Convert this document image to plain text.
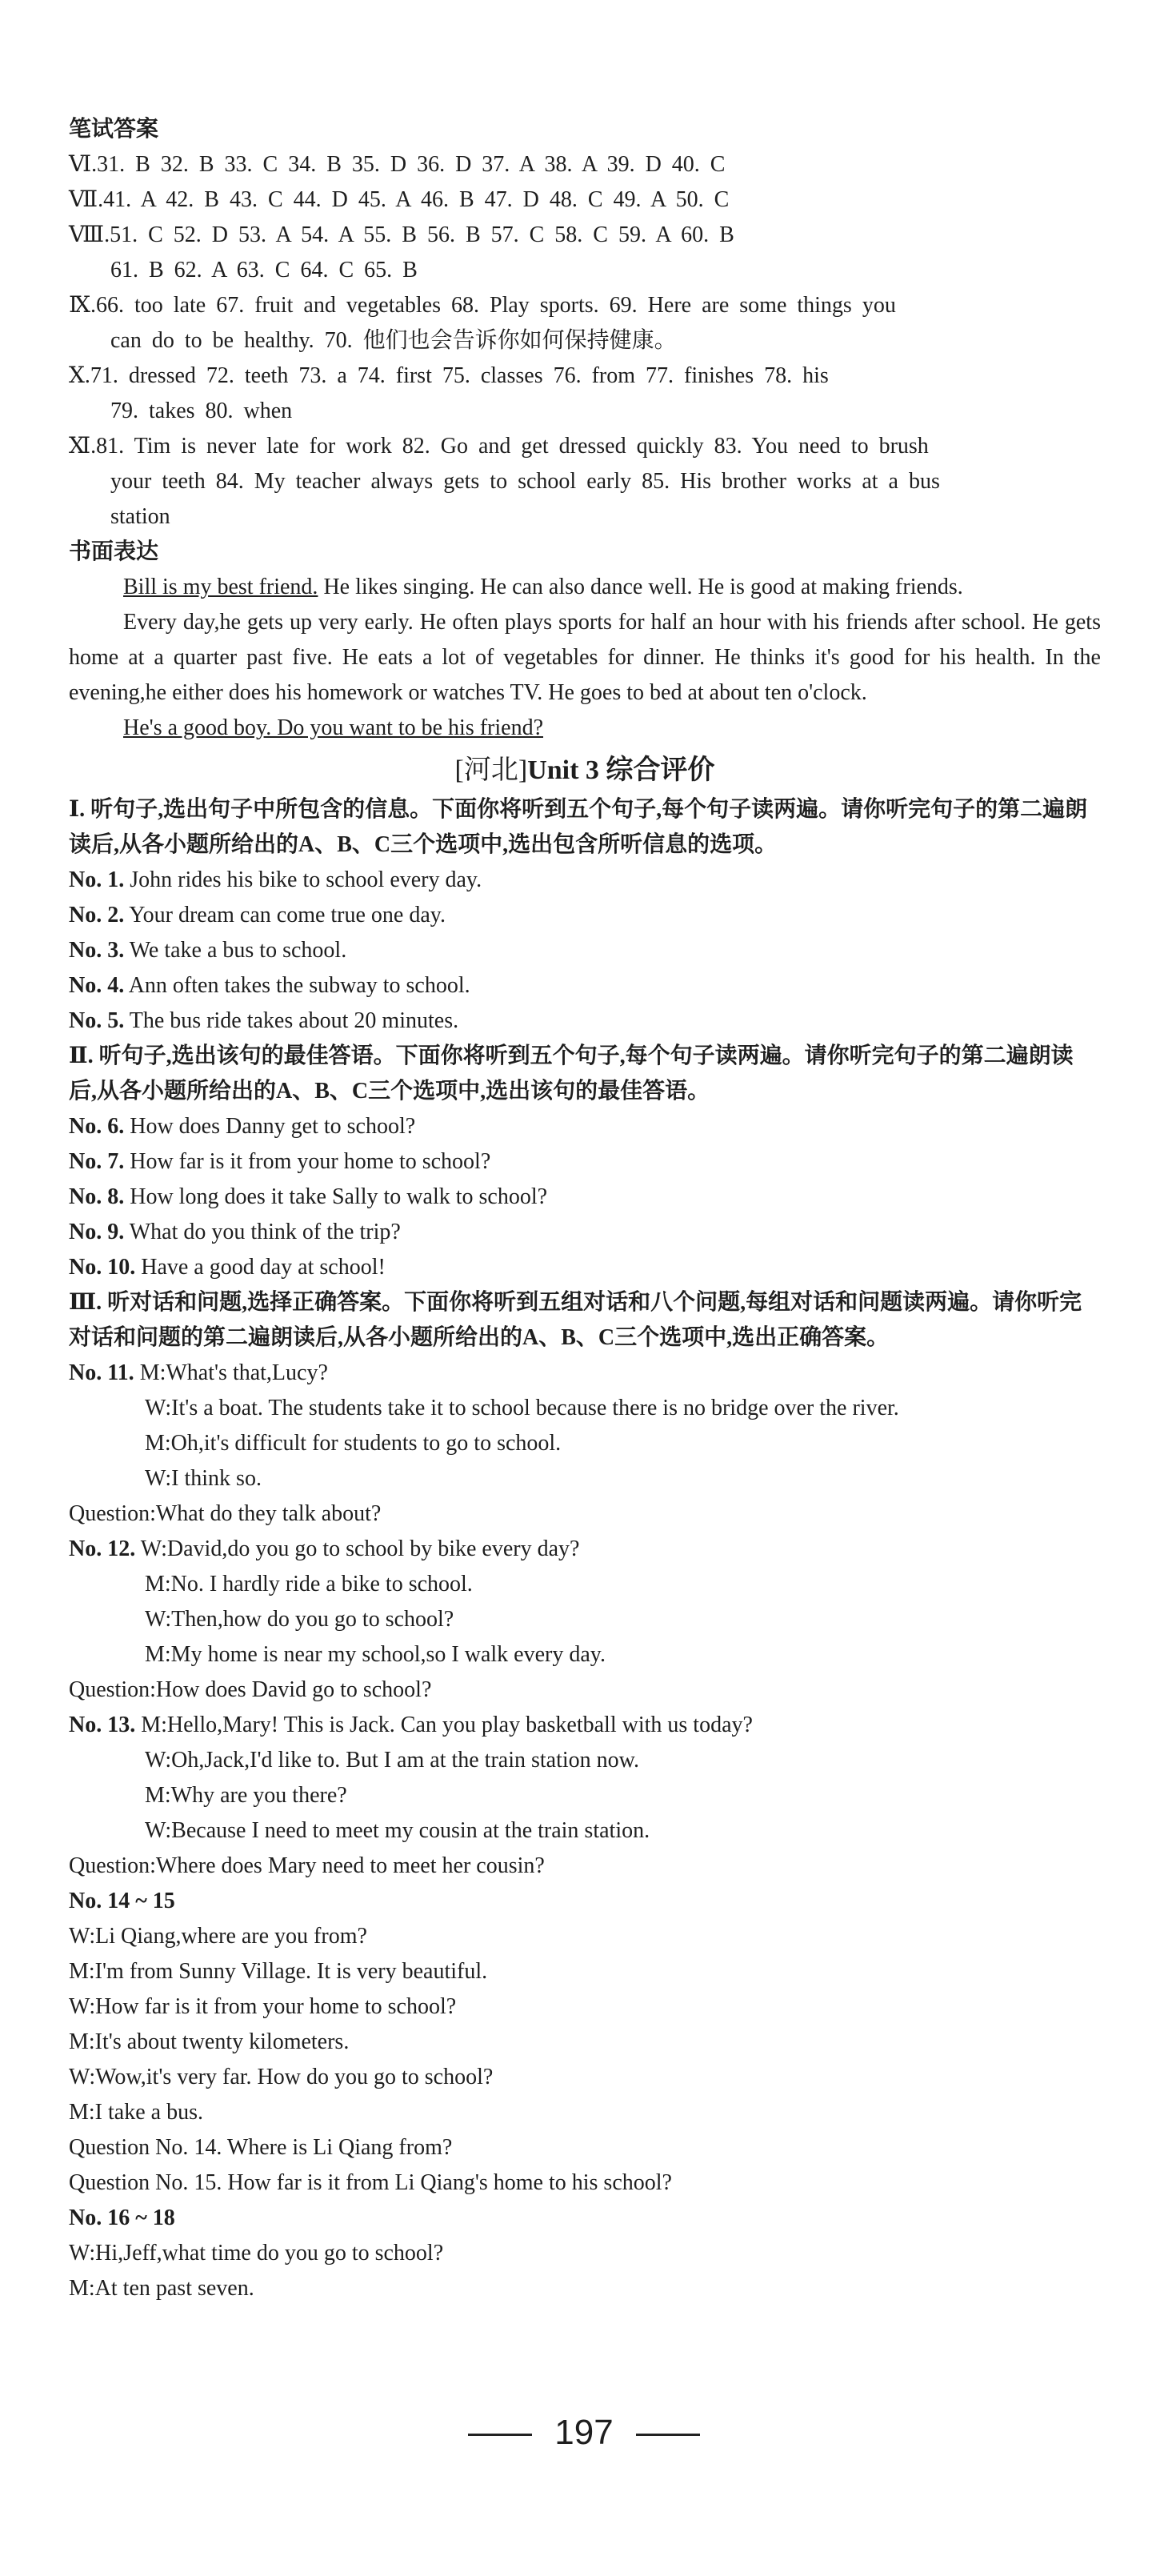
笔试答案
Ⅵ.31. B 32. B 33. C 34. B 35. D 36. D 37. A 38. A 39. D 40. C
Ⅶ.41. A 42. B 43. C 44. D 45. A 46. B 47. D 48. C 49. A 50. C
Ⅷ.51. C 52. D 53. A 54. A 55. B 56. B 57. C 58. C 59. A 60. B
61. B 62. A 63. C 64. C 65. B
Ⅸ.66. too late 67. fruit and vegetables 68. Play sports. 69. Here are some things you
can do to be healthy. 70. 他们也会告诉你如何保持健康。
Ⅹ.71. dressed 72. teeth 73. a 74. first 75. classes 76. from 77. finishes 78. his
79. takes 80. when
Ⅺ.81. Tim is never late for work 82. Go and get dressed quickly 83. You need to brush
your teeth 84. My teacher always gets to school early 85. His brother works at a bus
station
书面表达
Bill is my best friend. He likes singing. He can also dance well. He is good at making friends.
Every day,he gets up very early. He often plays sports for half an hour with his friends after school. He gets home at a quarter past five. He eats a lot of vegetables for dinner. He thinks it's good for his health. In the evening,he either does his homework or watches TV. He goes to bed at about ten o'clock.
He's a good boy. Do you want to be his friend?
[河北]Unit 3 综合评价
Ⅰ. 听句子,选出句子中所包含的信息。下面你将听到五个句子,每个句子读两遍。请你听完句子的第二遍朗读后,从各小题所给出的A、B、C三个选项中,选出包含所听信息的选项。
No. 1. John rides his bike to school every day.
No. 2. Your dream can come true one day.
No. 3. We take a bus to school.
No. 4. Ann often takes the subway to school.
No. 5. The bus ride takes about 20 minutes.
Ⅱ. 听句子,选出该句的最佳答语。下面你将听到五个句子,每个句子读两遍。请你听完句子的第二遍朗读后,从各小题所给出的A、B、C三个选项中,选出该句的最佳答语。
No. 6. How does Danny get to school?
No. 7. How far is it from your home to school?
No. 8. How long does it take Sally to walk to school?
No. 9. What do you think of the trip?
No. 10. Have a good day at school!
Ⅲ. 听对话和问题,选择正确答案。下面你将听到五组对话和八个问题,每组对话和问题读两遍。请你听完对话和问题的第二遍朗读后,从各小题所给出的A、B、C三个选项中,选出正确答案。
No. 11. M:What's that,Lucy?
W:It's a boat. The students take it to school because there is no bridge over the river.
M:Oh,it's difficult for students to go to school.
W:I think so.
Question:What do they talk about?
No. 12. W:David,do you go to school by bike every day?
M:No. I hardly ride a bike to school.
W:Then,how do you go to school?
M:My home is near my school,so I walk every day.
Question:How does David go to school?
No. 13. M:Hello,Mary! This is Jack. Can you play basketball with us today?
W:Oh,Jack,I'd like to. But I am at the train station now.
M:Why are you there?
W:Because I need to meet my cousin at the train station.
Question:Where does Mary need to meet her cousin?
No. 14 ~ 15
W:Li Qiang,where are you from?
M:I'm from Sunny Village. It is very beautiful.
W:How far is it from your home to school?
M:It's about twenty kilometers.
W:Wow,it's very far. How do you go to school?
M:I take a bus.
Question No. 14. Where is Li Qiang from?
Question No. 15. How far is it from Li Qiang's home to his school?
No. 16 ~ 18
W:Hi,Jeff,what time do you go to school?
M:At ten past seven.
197
